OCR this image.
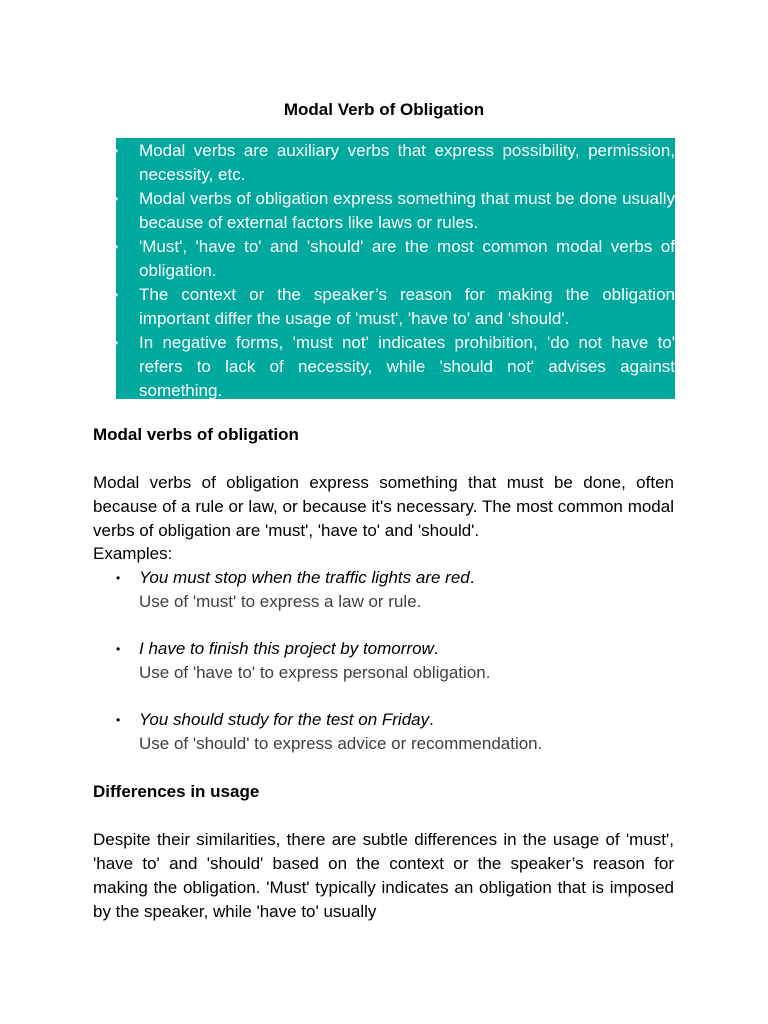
Modal Verb of Obligation
•	Modal verbs are auxiliary verbs that express possibility, permission, necessity, etc.
•	Modal verbs of obligation express something that must be done usually because of external factors like laws or rules.
•	'Must', 'have to' and 'should' are the most common modal verbs of obligation.
•	The context or the speaker’s reason for making the obligation important differ the usage of 'must', 'have to' and 'should'.
•	In negative forms, 'must not' indicates prohibition, 'do not have to' refers to lack of necessity, while 'should not' advises against something.
Modal verbs of obligation
Modal verbs of obligation express something that must be done, often because of a rule or law, or because it's necessary. The most common modal verbs of obligation are 'must', 'have to' and 'should'.
Examples:
• You must stop when the traffic lights are red.
Use of 'must' to express a law or rule.
• I have to finish this project by tomorrow.
Use of 'have to' to express personal obligation.
• You should study for the test on Friday.
Use of 'should' to express advice or recommendation.
Differences in usage
Despite their similarities, there are subtle differences in the usage of 'must', 'have to' and 'should' based on the context or the speaker’s reason for making the obligation. 'Must' typically indicates an obligation that is imposed by the speaker, while 'have to' usually
